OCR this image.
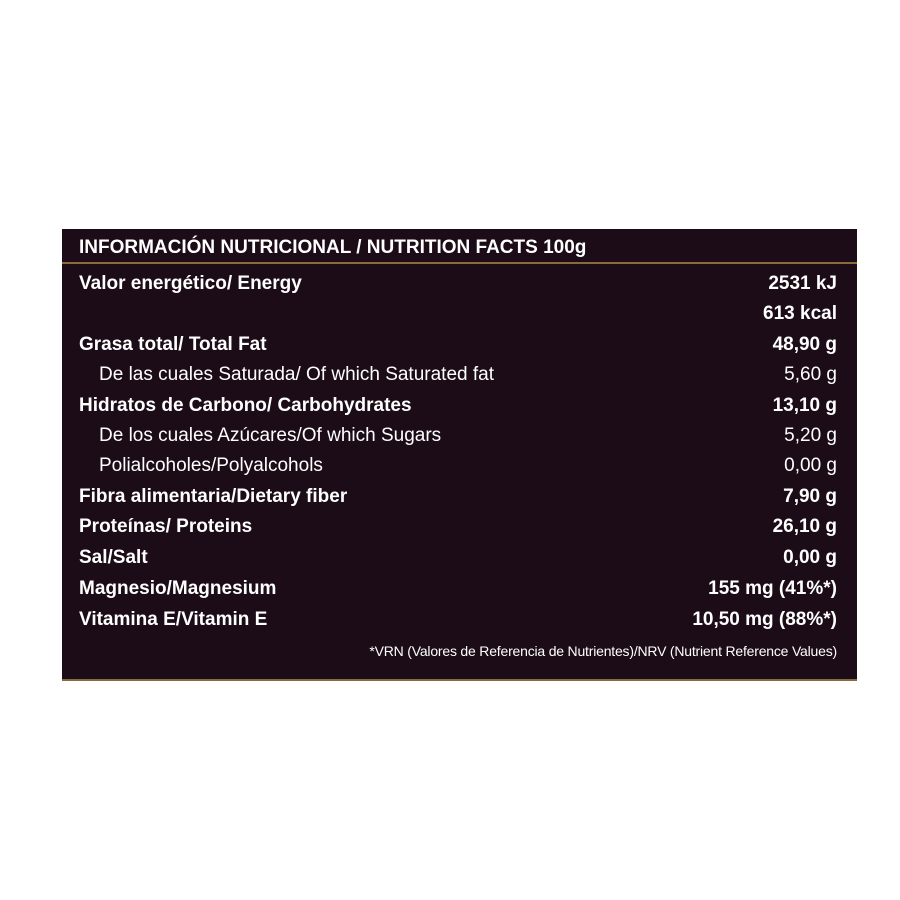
INFORMACIÓN NUTRICIONAL / NUTRITION FACTS 100g
Valor energético/ Energy	2531 kJ
613 kcal
Grasa total/ Total Fat	48,90 g
De las cuales Saturada/ Of which Saturated fat	5,60 g
Hidratos de Carbono/ Carbohydrates	13,10 g
De los cuales Azúcares/Of which Sugars	5,20 g
Polialcoholes/Polyalcohols	0,00 g
Fibra alimentaria/Dietary fiber	7,90 g
Proteínas/ Proteins	26,10 g
Sal/Salt	0,00 g
Magnesio/Magnesium	155 mg (41%*)
Vitamina E/Vitamin E	10,50 mg (88%*)
*VRN (Valores de Referencia de Nutrientes)/NRV (Nutrient Reference Values)
